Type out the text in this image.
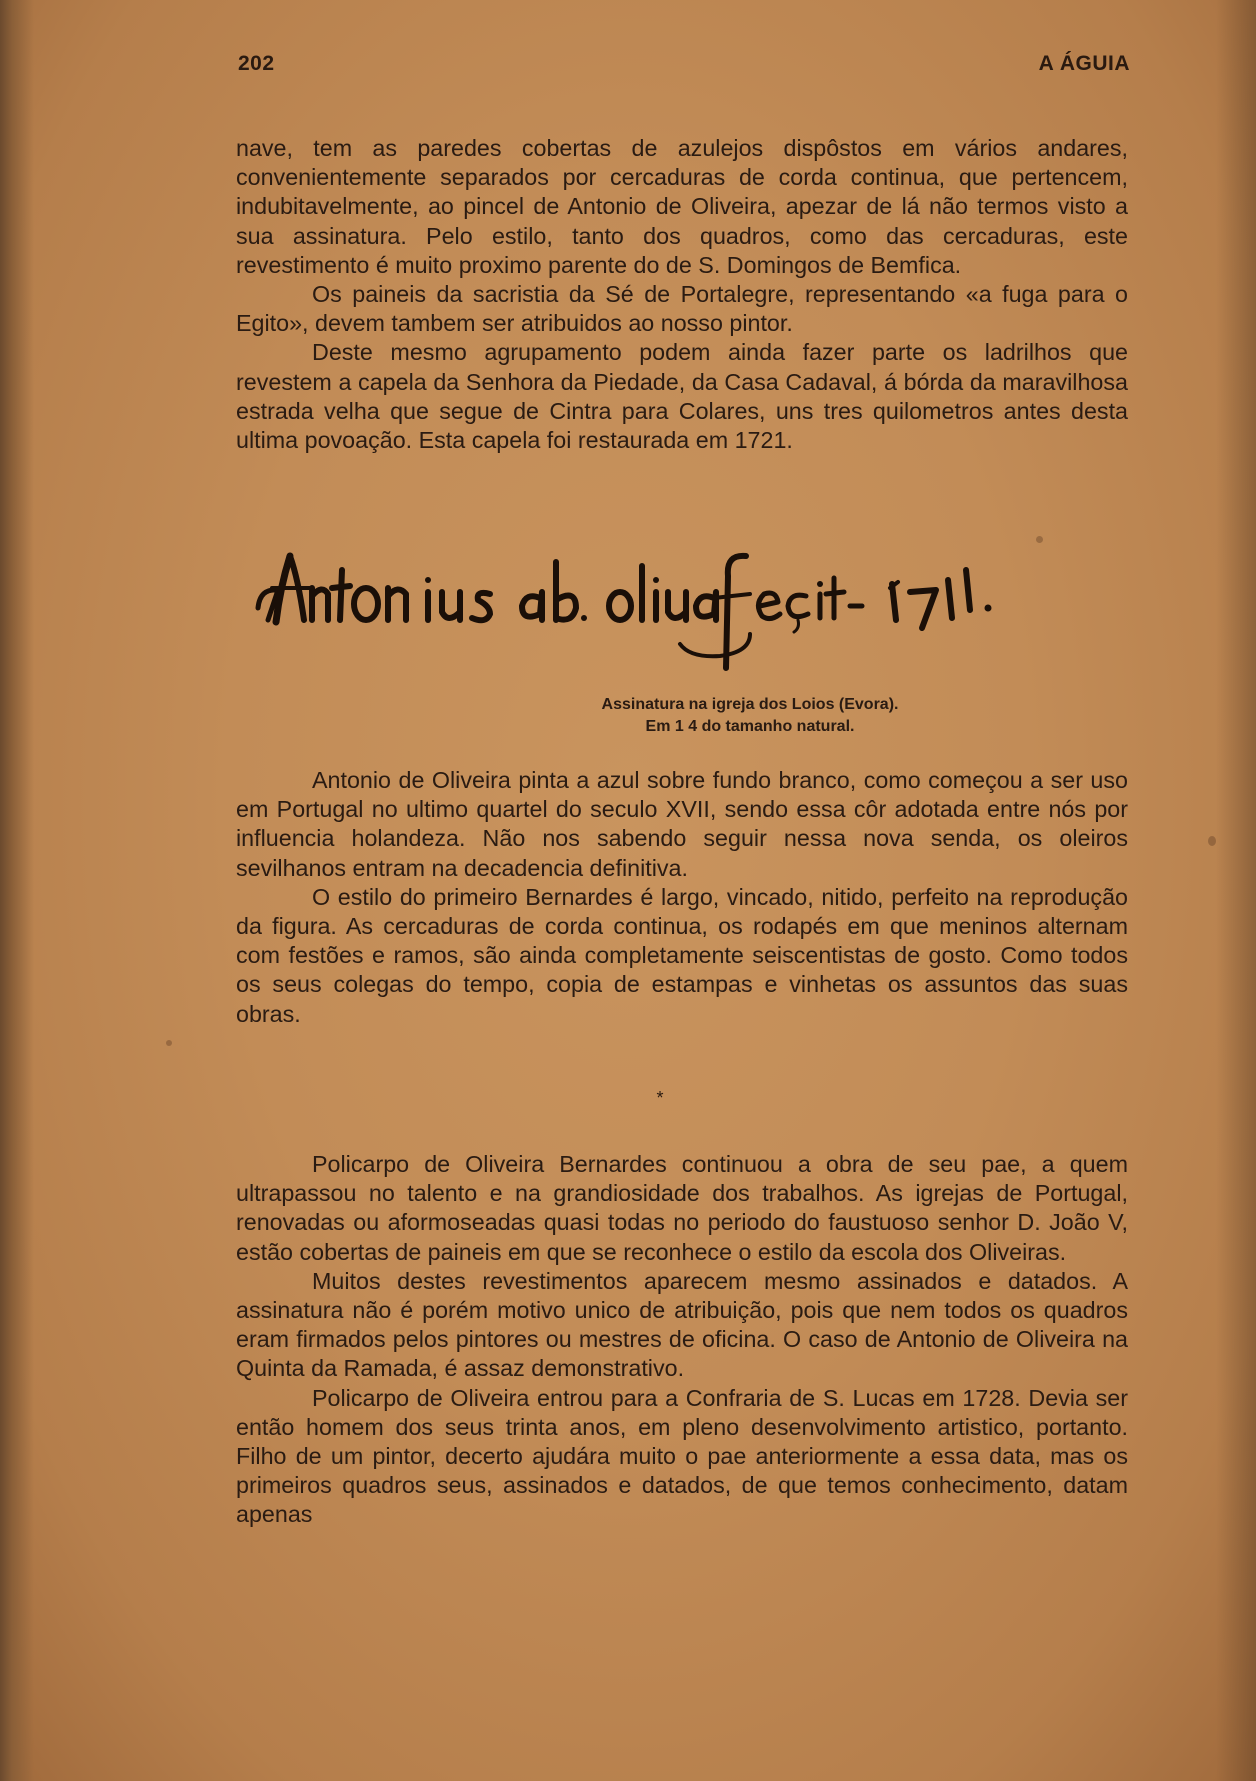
202	A ÁGUIA

nave, tem as paredes cobertas de azulejos dispôstos em vários andares, convenientemente separados por cercaduras de corda continua, que pertencem, indubitavelmente, ao pincel de Antonio de Oliveira, apezar de lá não termos visto a sua assinatura. Pelo estilo, tanto dos quadros, como das cercaduras, este revestimento é muito proximo parente do de S. Domingos de Bemfica.

Os paineis da sacristia da Sé de Portalegre, representando «a fuga para o Egito», devem tambem ser atribuidos ao nosso pintor.

Deste mesmo agrupamento podem ainda fazer parte os ladrilhos que revestem a capela da Senhora da Piedade, da Casa Cadaval, á bórda da maravilhosa estrada velha que segue de Cintra para Colares, uns tres quilometros antes desta ultima povoação. Esta capela foi restaurada em 1721.

Assinatura na igreja dos Loios (Evora).
Em 1 4 do tamanho natural.

Antonio de Oliveira pinta a azul sobre fundo branco, como começou a ser uso em Portugal no ultimo quartel do seculo XVII, sendo essa côr adotada entre nós por influencia holandeza. Não nos sabendo seguir nessa nova senda, os oleiros sevilhanos entram na decadencia definitiva.

O estilo do primeiro Bernardes é largo, vincado, nitido, perfeito na reprodução da figura. As cercaduras de corda continua, os rodapés em que meninos alternam com festões e ramos, são ainda completamente seiscentistas de gosto. Como todos os seus colegas do tempo, copia de estampas e vinhetas os assuntos das suas obras.

*

Policarpo de Oliveira Bernardes continuou a obra de seu pae, a quem ultrapassou no talento e na grandiosidade dos trabalhos. As igrejas de Portugal, renovadas ou aformoseadas quasi todas no periodo do faustuoso senhor D. João V, estão cobertas de paineis em que se reconhece o estilo da escola dos Oliveiras.

Muitos destes revestimentos aparecem mesmo assinados e datados. A assinatura não é porém motivo unico de atribuição, pois que nem todos os quadros eram firmados pelos pintores ou mestres de oficina. O caso de Antonio de Oliveira na Quinta da Ramada, é assaz demonstrativo.

Policarpo de Oliveira entrou para a Confraria de S. Lucas em 1728. Devia ser então homem dos seus trinta anos, em pleno desenvolvimento artistico, portanto. Filho de um pintor, decerto ajudára muito o pae anteriormente a essa data, mas os primeiros quadros seus, assinados e datados, de que temos conhecimento, datam apenas
